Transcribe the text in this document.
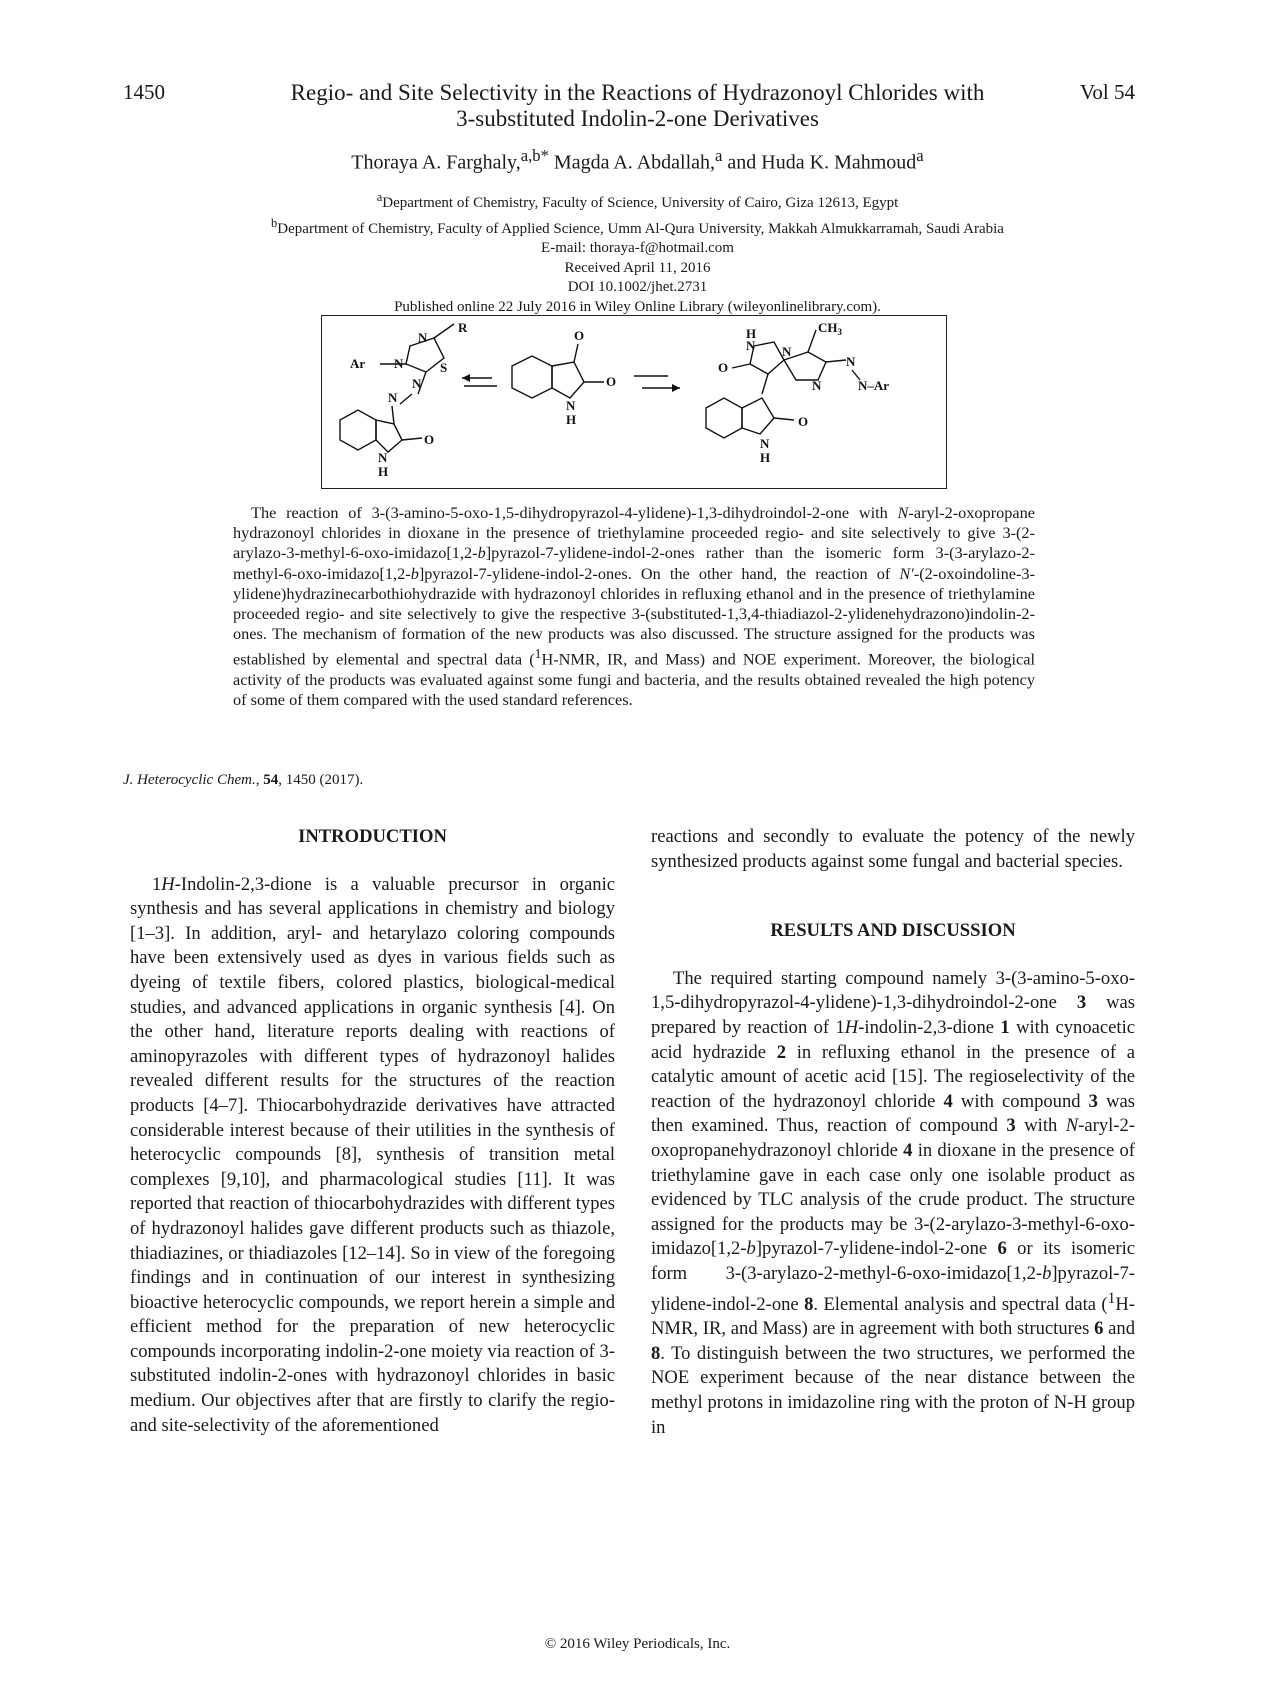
1450	Vol 54
Regio- and Site Selectivity in the Reactions of Hydrazonoyl Chlorides with
3-substituted Indolin-2-one Derivatives
Thoraya A. Farghaly,$^{a,b*}$ Magda A. Abdallah,$^a$ and Huda K. Mahmoud$^a$
$^a$Department of Chemistry, Faculty of Science, University of Cairo, Giza 12613, Egypt
$^b$Department of Chemistry, Faculty of Applied Science, Umm Al-Qura University, Makkah Almukkarramah, Saudi Arabia
E-mail: thoraya-f@hotmail.com
Received April 11, 2016
DOI 10.1002/jhet.2731
Published online 22 July 2016 in Wiley Online Library (wileyonlinelibrary.com).
R
N
Ar N	S
N
N
O
N
H
O
O
N
H
$CH_3$
H
N N
O
N
N
N–Ar
O
N
H
The reaction of 3-(3-amino-5-oxo-1,5-dihydropyrazol-4-ylidene)-1,3-dihydroindol-2-one with N-aryl-2-oxopropane hydrazonoyl chlorides in dioxane in the presence of triethylamine proceeded regio- and site selectively to give 3-(2-arylazo-3-methyl-6-oxo-imidazo[1,2-b]pyrazol-7-ylidene-indol-2-ones rather than the isomeric form 3-(3-arylazo-2-methyl-6-oxo-imidazo[1,2-b]pyrazol-7-ylidene-indol-2-ones. On the other hand, the reaction of N′-(2-oxoindoline-3-ylidene)hydrazinecarbothiohydrazide with hydrazonoyl chlorides in refluxing ethanol and in the presence of triethylamine proceeded regio- and site selectively to give the respective 3-(substituted-1,3,4-thiadiazol-2-ylidenehydrazono)indolin-2-ones. The mechanism of formation of the new products was also discussed. The structure assigned for the products was established by elemental and spectral data ($^1$H-NMR, IR, and Mass) and NOE experiment. Moreover, the biological activity of the products was evaluated against some fungi and bacteria, and the results obtained revealed the high potency of some of them compared with the used standard references.
J. Heterocyclic Chem., 54, 1450 (2017).
INTRODUCTION

1H-Indolin-2,3-dione is a valuable precursor in organic synthesis and has several applications in chemistry and biology [1–3]. In addition, aryl- and hetarylazo coloring compounds have been extensively used as dyes in various fields such as dyeing of textile fibers, colored plastics, biological-medical studies, and advanced applications in organic synthesis [4]. On the other hand, literature reports dealing with reactions of aminopyrazoles with different types of hydrazonoyl halides revealed different results for the structures of the reaction products [4–7]. Thiocarbohydrazide derivatives have attracted considerable interest because of their utilities in the synthesis of heterocyclic compounds [8], synthesis of transition metal complexes [9,10], and pharmacological studies [11]. It was reported that reaction of thiocarbohydrazides with different types of hydrazonoyl halides gave different products such as thiazole, thiadiazines, or thiadiazoles [12–14]. So in view of the foregoing findings and in continuation of our interest in synthesizing bioactive heterocyclic compounds, we report herein a simple and efficient method for the preparation of new heterocyclic compounds incorporating indolin-2-one moiety via reaction of 3-substituted indolin-2-ones with hydrazonoyl chlorides in basic medium. Our objectives after that are firstly to clarify the regio-and site-selectivity of the aforementioned

reactions and secondly to evaluate the potency of the newly synthesized products against some fungal and bacterial species.

RESULTS AND DISCUSSION

The required starting compound namely 3-(3-amino-5-oxo-1,5-dihydropyrazol-4-ylidene)-1,3-dihydroindol-2-one 3 was prepared by reaction of 1H-indolin-2,3-dione 1 with cynoacetic acid hydrazide 2 in refluxing ethanol in the presence of a catalytic amount of acetic acid [15]. The regioselectivity of the reaction of the hydrazonoyl chloride 4 with compound 3 was then examined. Thus, reaction of compound 3 with N-aryl-2-oxopropanehydrazonoyl chloride 4 in dioxane in the presence of triethylamine gave in each case only one isolable product as evidenced by TLC analysis of the crude product. The structure assigned for the products may be 3-(2-arylazo-3-methyl-6-oxo-imidazo[1,2-b]pyrazol-7-ylidene-indol-2-one 6 or its isomeric form 3-(3-arylazo-2-methyl-6-oxo-imidazo[1,2-b]pyrazol-7-ylidene-indol-2-one 8. Elemental analysis and spectral data ($^1$H-NMR, IR, and Mass) are in agreement with both structures 6 and 8. To distinguish between the two structures, we performed the NOE experiment because of the near distance between the methyl protons in imidazoline ring with the proton of N-H group in

© 2016 Wiley Periodicals, Inc.
